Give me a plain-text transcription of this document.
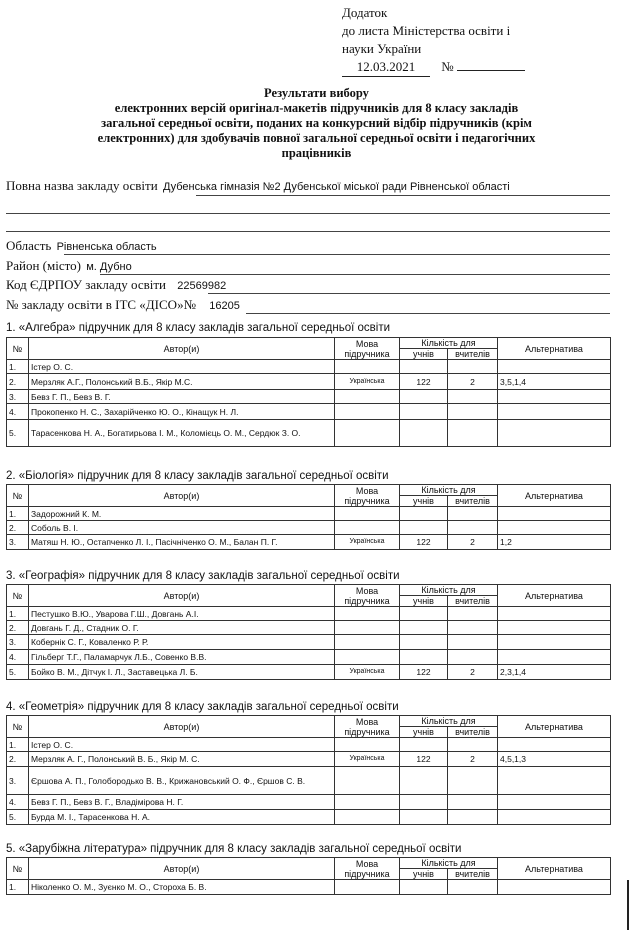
Додаток
до листа Міністерства освіти і
науки України
12.03.2021 №
Результати вибору
електронних версій оригінал-макетів підручників для 8 класу закладів
загальної середньої освіти, поданих на конкурсний відбір підручників (крім
електронних) для здобувачів повної загальної середньої освіти і педагогічних
працівників
Повна назва закладу освіти Дубенська гімназія №2 Дубенської міської ради Рівненської області
Область Рівненська область
Район (місто) м. Дубно
Код ЄДРПОУ закладу освіти 22569982
№ закладу освіти в ІТС «ДІСО»№ 16205
1. «Алгебра» підручник для 8 класу закладів загальної середньої освіти
№	Автор(и)	Мова підручника	Кількість для		Альтернатива
			учнів	вчителів	
1.	Істер О. С.				
2.	Мерзляк А.Г., Полонський В.Б., Якір М.С.	Українська	122	2	3,5,1,4
3.	Бевз Г. П., Бевз В. Г.				
4.	Прокопенко Н. С., Захарійченко Ю. О., Кінащук Н. Л.				
5.	Тарасенкова Н. А., Богатирьова І. М., Коломієць О. М., Сердюк З. О.				
2. «Біологія» підручник для 8 класу закладів загальної середньої освіти
№	Автор(и)	Мова підручника	Кількість для		Альтернатива
			учнів	вчителів	
1.	Задорожний К. М.				
2.	Соболь В. І.				
3.	Матяш Н. Ю., Остапченко Л. І., Пасічніченко О. М., Балан П. Г.	Українська	122	2	1,2
3. «Географія» підручник для 8 класу закладів загальної середньої освіти
№	Автор(и)	Мова підручника	Кількість для		Альтернатива
			учнів	вчителів	
1.	Пестушко В.Ю., Уварова Г.Ш., Довгань А.І.				
2.	Довгань Г. Д., Стадник О. Г.				
3.	Кобернік С. Г., Коваленко Р. Р.				
4.	Гільберг Т.Г., Паламарчук Л.Б., Совенко В.В.				
5.	Бойко В. М., Дітчук І. Л., Заставецька Л. Б.	Українська	122	2	2,3,1,4
4. «Геометрія» підручник для 8 класу закладів загальної середньої освіти
№	Автор(и)	Мова підручника	Кількість для		Альтернатива
			учнів	вчителів	
1.	Істер О. С.				
2.	Мерзляк А. Г., Полонський В. Б., Якір М. С.	Українська	122	2	4,5,1,3
3.	Єршова А. П., Голобородько В. В., Крижановський О. Ф., Єршов С. В.				
4.	Бевз Г. П., Бевз В. Г., Владімірова Н. Г.				
5.	Бурда М. І., Тарасенкова Н. А.				
5. «Зарубіжна література» підручник для 8 класу закладів загальної середньої освіти
№	Автор(и)	Мова підручника	Кількість для		Альтернатива
			учнів	вчителів	
1.	Ніколенко О. М., Зуєнко М. О., Стороха Б. В.				
